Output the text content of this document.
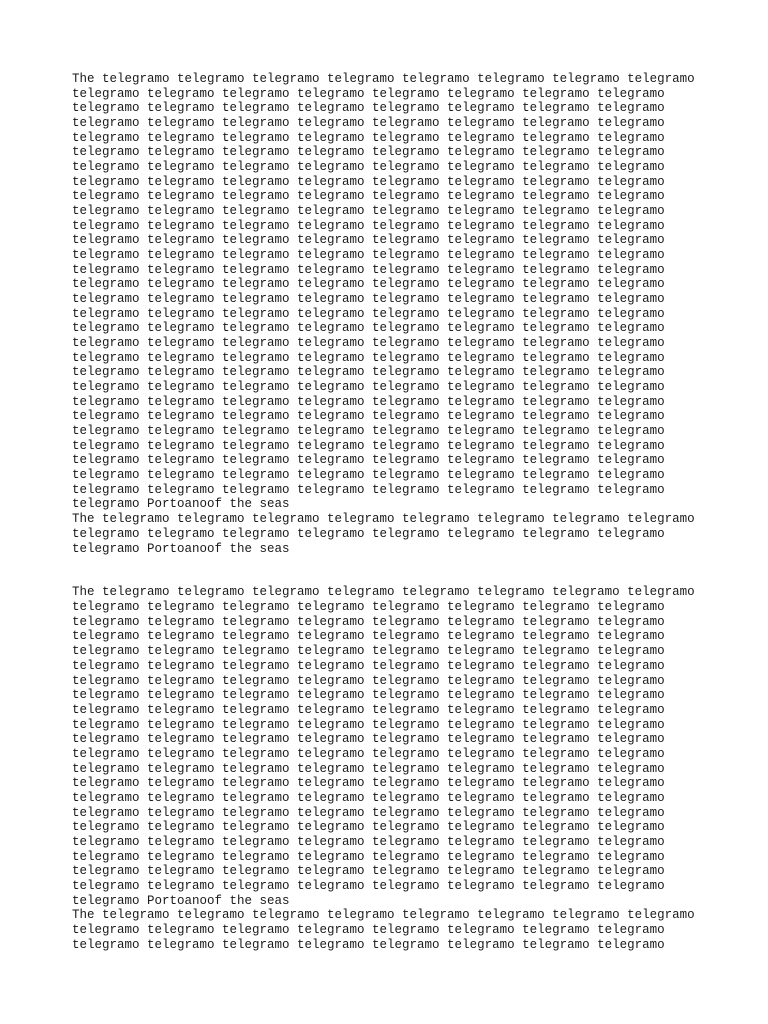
The telegramo telegramo telegramo telegramo telegramo telegramo telegramo telegramo
telegramo telegramo telegramo telegramo telegramo telegramo telegramo telegramo
telegramo telegramo telegramo telegramo telegramo telegramo telegramo telegramo
telegramo telegramo telegramo telegramo telegramo telegramo telegramo telegramo
telegramo telegramo telegramo telegramo telegramo telegramo telegramo telegramo
telegramo telegramo telegramo telegramo telegramo telegramo telegramo telegramo
telegramo telegramo telegramo telegramo telegramo telegramo telegramo telegramo
telegramo telegramo telegramo telegramo telegramo telegramo telegramo telegramo
telegramo telegramo telegramo telegramo telegramo telegramo telegramo telegramo
telegramo telegramo telegramo telegramo telegramo telegramo telegramo telegramo
telegramo telegramo telegramo telegramo telegramo telegramo telegramo telegramo
telegramo telegramo telegramo telegramo telegramo telegramo telegramo telegramo
telegramo telegramo telegramo telegramo telegramo telegramo telegramo telegramo
telegramo telegramo telegramo telegramo telegramo telegramo telegramo telegramo
telegramo telegramo telegramo telegramo telegramo telegramo telegramo telegramo
telegramo telegramo telegramo telegramo telegramo telegramo telegramo telegramo
telegramo telegramo telegramo telegramo telegramo telegramo telegramo telegramo
telegramo telegramo telegramo telegramo telegramo telegramo telegramo telegramo
telegramo telegramo telegramo telegramo telegramo telegramo telegramo telegramo
telegramo telegramo telegramo telegramo telegramo telegramo telegramo telegramo
telegramo telegramo telegramo telegramo telegramo telegramo telegramo telegramo
telegramo telegramo telegramo telegramo telegramo telegramo telegramo telegramo
telegramo telegramo telegramo telegramo telegramo telegramo telegramo telegramo
telegramo telegramo telegramo telegramo telegramo telegramo telegramo telegramo
telegramo telegramo telegramo telegramo telegramo telegramo telegramo telegramo
telegramo telegramo telegramo telegramo telegramo telegramo telegramo telegramo
telegramo telegramo telegramo telegramo telegramo telegramo telegramo telegramo
telegramo telegramo telegramo telegramo telegramo telegramo telegramo telegramo
telegramo telegramo telegramo telegramo telegramo telegramo telegramo telegramo
telegramo Portoanoof the seas

The telegramo telegramo telegramo telegramo telegramo telegramo telegramo telegramo
telegramo telegramo telegramo telegramo telegramo telegramo telegramo telegramo
telegramo Portoanoof the seas

The telegramo telegramo telegramo telegramo telegramo telegramo telegramo telegramo
telegramo telegramo telegramo telegramo telegramo telegramo telegramo telegramo
telegramo telegramo telegramo telegramo telegramo telegramo telegramo telegramo
telegramo telegramo telegramo telegramo telegramo telegramo telegramo telegramo
telegramo telegramo telegramo telegramo telegramo telegramo telegramo telegramo
telegramo telegramo telegramo telegramo telegramo telegramo telegramo telegramo
telegramo telegramo telegramo telegramo telegramo telegramo telegramo telegramo
telegramo telegramo telegramo telegramo telegramo telegramo telegramo telegramo
telegramo telegramo telegramo telegramo telegramo telegramo telegramo telegramo
telegramo telegramo telegramo telegramo telegramo telegramo telegramo telegramo
telegramo telegramo telegramo telegramo telegramo telegramo telegramo telegramo
telegramo telegramo telegramo telegramo telegramo telegramo telegramo telegramo
telegramo telegramo telegramo telegramo telegramo telegramo telegramo telegramo
telegramo telegramo telegramo telegramo telegramo telegramo telegramo telegramo
telegramo telegramo telegramo telegramo telegramo telegramo telegramo telegramo
telegramo telegramo telegramo telegramo telegramo telegramo telegramo telegramo
telegramo telegramo telegramo telegramo telegramo telegramo telegramo telegramo
telegramo telegramo telegramo telegramo telegramo telegramo telegramo telegramo
telegramo telegramo telegramo telegramo telegramo telegramo telegramo telegramo
telegramo telegramo telegramo telegramo telegramo telegramo telegramo telegramo
telegramo telegramo telegramo telegramo telegramo telegramo telegramo telegramo
telegramo Portoanoof the seas

The telegramo telegramo telegramo telegramo telegramo telegramo telegramo telegramo
telegramo telegramo telegramo telegramo telegramo telegramo telegramo telegramo
telegramo telegramo telegramo telegramo telegramo telegramo telegramo telegramo
